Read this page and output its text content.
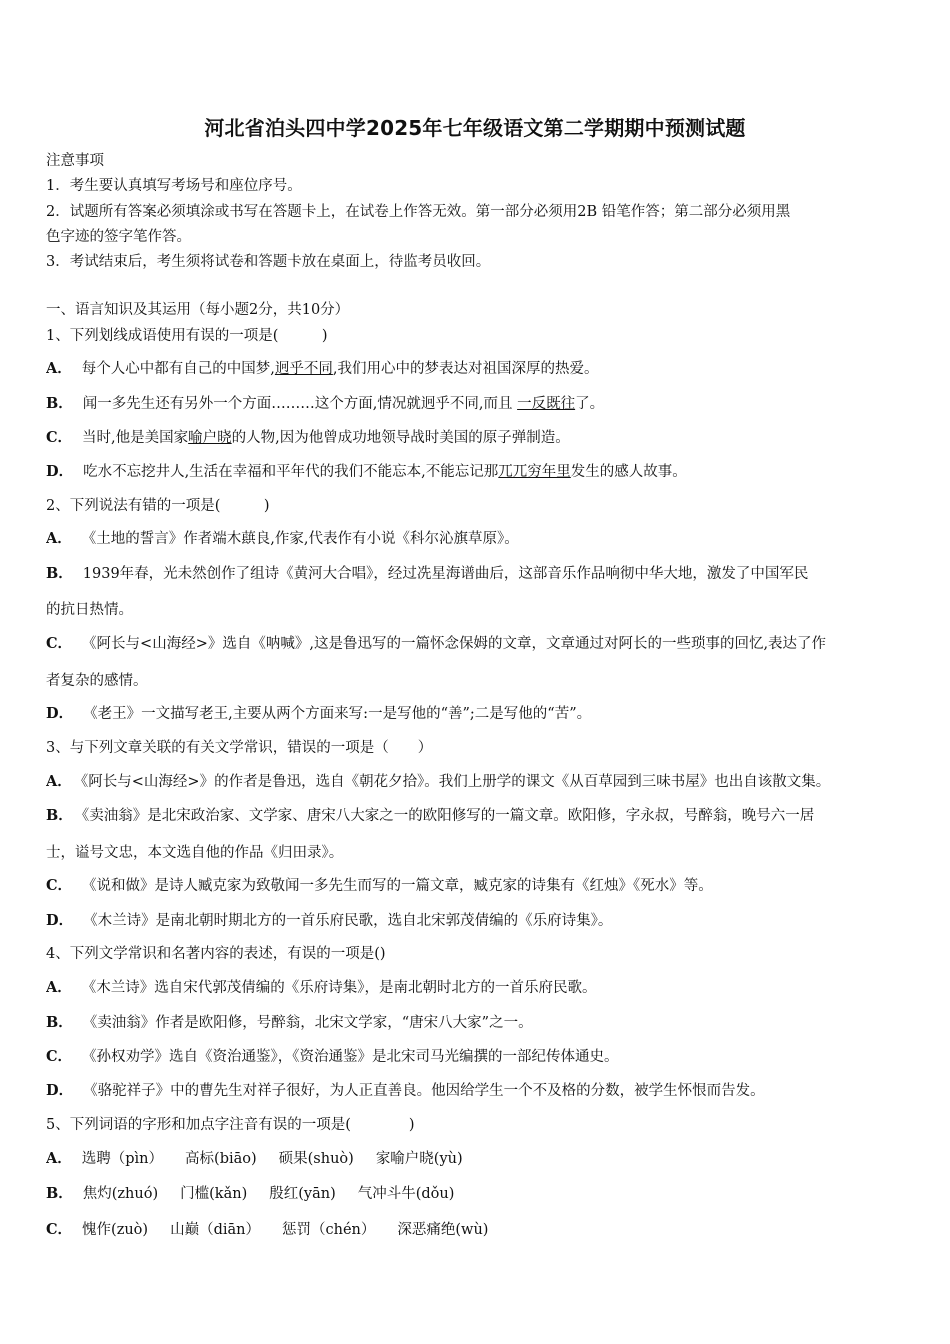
河北省泊头四中学2025年七年级语文第二学期期中预测试题
注意事项
1．考生要认真填写考场号和座位序号。
2．试题所有答案必须填涂或书写在答题卡上，在试卷上作答无效。第一部分必须用2B 铅笔作答；第二部分必须用黑
色字迹的签字笔作答。
3．考试结束后，考生须将试卷和答题卡放在桌面上，待监考员收回。
一、语言知识及其运用（每小题2分，共10分）
1、下列划线成语使用有误的一项是(　　　)
A． 每个人心中都有自己的中国梦,迥乎不同,我们用心中的梦表达对祖国深厚的热爱。
B． 闻一多先生还有另外一个方面………这个方面,情况就迥乎不同,而且 一反既往了。
C． 当时,他是美国家喻户晓的人物,因为他曾成功地领导战时美国的原子弹制造。
D． 吃水不忘挖井人,生活在幸福和平年代的我们不能忘本,不能忘记那兀兀穷年里发生的感人故事。
2、下列说法有错的一项是(　　　)
A． 《土地的誓言》作者端木蕻良,作家,代表作有小说《科尔沁旗草原》。
B． 1939年春，光未然创作了组诗《黄河大合唱》，经过冼星海谱曲后，这部音乐作品响彻中华大地，激发了中国军民
的抗日热情。
C． 《阿长与<山海经>》选自《呐喊》,这是鲁迅写的一篇怀念保姆的文章，文章通过对阿长的一些琐事的回忆,表达了作
者复杂的感情。
D． 《老王》一文描写老王,主要从两个方面来写:一是写他的“善”;二是写他的“苦”。
3、与下列文章关联的有关文学常识，错误的一项是（　　）
A． 《阿长与<山海经>》的作者是鲁迅，选自《朝花夕拾》。我们上册学的课文《从百草园到三味书屋》也出自该散文集。
B． 《卖油翁》是北宋政治家、文学家、唐宋八大家之一的欧阳修写的一篇文章。欧阳修，字永叔，号醉翁，晚号六一居
士，谥号文忠，本文选自他的作品《归田录》。
C． 《说和做》是诗人臧克家为致敬闻一多先生而写的一篇文章，臧克家的诗集有《红烛》《死水》等。
D． 《木兰诗》是南北朝时期北方的一首乐府民歌，选自北宋郭茂倩编的《乐府诗集》。
4、下列文学常识和名著内容的表述，有误的一项是()
A． 《木兰诗》选自宋代郭茂倩编的《乐府诗集》，是南北朝时北方的一首乐府民歌。
B． 《卖油翁》作者是欧阳修，号醉翁，北宋文学家，“唐宋八大家”之一。
C． 《孙权劝学》选自《资治通鉴》，《资治通鉴》是北宋司马光编撰的一部纪传体通史。
D． 《骆驼祥子》中的曹先生对祥子很好，为人正直善良。他因给学生一个不及格的分数，被学生怀恨而告发。
5、下列词语的字形和加点字注音有误的一项是(　　　　)
A． 选聘（pìn） 高标(biāo) 硕果(shuò) 家喻户晓(yù)
B． 焦灼(zhuó) 门槛(kǎn) 殷红(yān) 气冲斗牛(dǒu)
C． 愧作(zuò) 山巅（diān） 惩罚（chén） 深恶痛绝(wù)
